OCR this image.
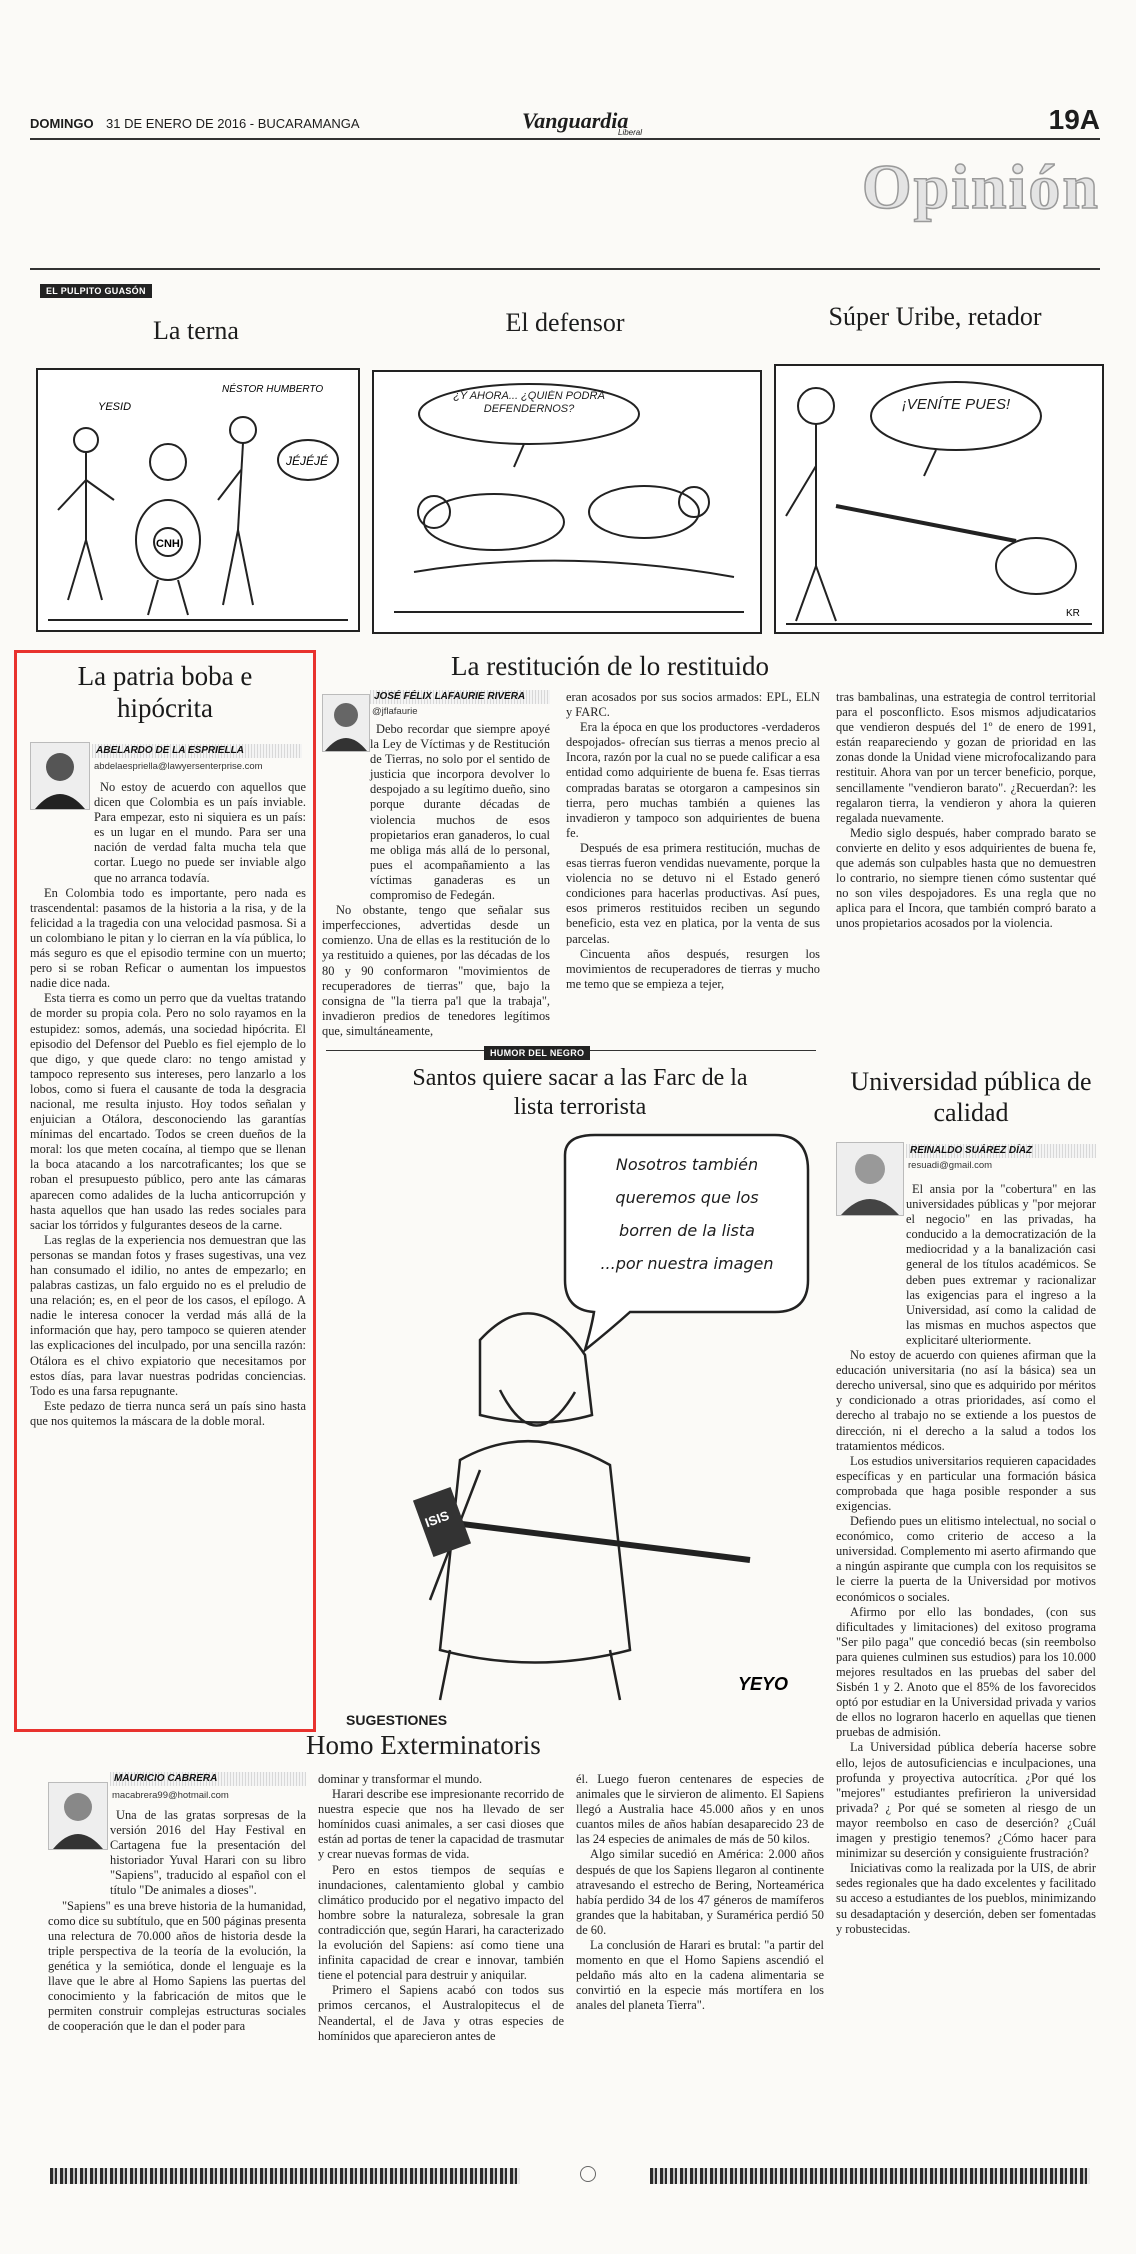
DOMINGO 31 DE ENERO DE 2016 - BUCARAMANGA	Vanguardia
Liberal	19A
Opinión
EL PULPITO GUASÓN
La terna	El defensor	Súper Uribe, retador
CNH
YESID
NÉSTOR HUMBERTO
JÉJÉJÉ
¿Y AHORA... ¿QUIÉN PODRÁ DEFENDERNOS?	¡VENÍTE PUES!
KR
La patria boba e hipócrita
ABELARDO DE LA ESPRIELLA
abdelaespriella@lawyersenterprise.com

No estoy de acuerdo con aquellos que dicen que Colombia es un país inviable. Para empezar, esto ni siquiera es un país: es un lugar en el mundo. Para ser una nación de verdad falta mucha tela que cortar. Luego no puede ser inviable algo que no arranca todavía.

En Colombia todo es importante, pero nada es trascendental: pasamos de la historia a la risa, y de la felicidad a la tragedia con una velocidad pasmosa. Si a un colombiano le pitan y lo cierran en la vía pública, lo más seguro es que el episodio termine con un muerto; pero si se roban Reficar o aumentan los impuestos nadie dice nada.

Esta tierra es como un perro que da vueltas tratando de morder su propia cola. Pero no solo rayamos en la estupidez: somos, además, una sociedad hipócrita. El episodio del Defensor del Pueblo es fiel ejemplo de lo que digo, y que quede claro: no tengo amistad y tampoco represento sus intereses, pero lanzarlo a los lobos, como si fuera el causante de toda la desgracia nacional, me resulta injusto. Hoy todos señalan y enjuician a Otálora, desconociendo las garantías mínimas del encartado. Todos se creen dueños de la moral: los que meten cocaína, al tiempo que se llenan la boca atacando a los narcotraficantes; los que se roban el presupuesto público, pero ante las cámaras aparecen como adalides de la lucha anticorrupción y hasta aquellos que han usado las redes sociales para saciar los tórridos y fulgurantes deseos de la carne.

Las reglas de la experiencia nos demuestran que las personas se mandan fotos y frases sugestivas, una vez han consumado el idilio, no antes de empezarlo; en palabras castizas, un falo erguido no es el preludio de una relación; es, en el peor de los casos, el epílogo. A nadie le interesa conocer la verdad más allá de la información que hay, pero tampoco se quieren atender las explicaciones del inculpado, por una sencilla razón: Otálora es el chivo expiatorio que necesitamos por estos días, para lavar nuestras podridas conciencias. Todo es una farsa repugnante.

Este pedazo de tierra nunca será un país sino hasta que nos quitemos la máscara de la doble moral.

La restitución de lo restituido
JOSÉ FÉLIX LAFAURIE RIVERA
@jflafaurie

Debo recordar que siempre apoyé la Ley de Víctimas y de Restitución de Tierras, no solo por el sentido de justicia que incorpora devolver lo despojado a su legítimo dueño, sino porque durante décadas de violencia muchos de esos propietarios eran ganaderos, lo cual me obliga más allá de lo personal, pues el acompañamiento a las víctimas ganaderas es un compromiso de Fedegán.

No obstante, tengo que señalar sus imperfecciones, advertidas desde un comienzo. Una de ellas es la restitución de lo ya restituido a quienes, por las décadas de los 80 y 90 conformaron "movimientos de recuperadores de tierras" que, bajo la consigna de "la tierra pa'l que la trabaja", invadieron predios de tenedores legítimos que, simultáneamente,

eran acosados por sus socios armados: EPL, ELN y FARC.

Era la época en que los productores -verdaderos despojados- ofrecían sus tierras a menos precio al Incora, razón por la cual no se puede calificar a esa entidad como adquiriente de buena fe. Esas tierras compradas baratas se otorgaron a campesinos sin tierra, pero muchas también a quienes las invadieron y tampoco son adquirientes de buena fe.

Después de esa primera restitución, muchas de esas tierras fueron vendidas nuevamente, porque la violencia no se detuvo ni el Estado generó condiciones para hacerlas productivas. Así pues, esos primeros restituidos reciben un segundo beneficio, esta vez en platica, por la venta de sus parcelas.

Cincuenta años después, resurgen los movimientos de recuperadores de tierras y mucho me temo que se empieza a tejer,

tras bambalinas, una estrategia de control territorial para el posconflicto. Esos mismos adjudicatarios que vendieron después del 1º de enero de 1991, están reapareciendo y gozan de prioridad en las zonas donde la Unidad viene microfocalizando para restituir. Ahora van por un tercer beneficio, porque, sencillamente "vendieron barato". ¿Recuerdan?: les regalaron tierra, la vendieron y ahora la quieren regalada nuevamente.

Medio siglo después, haber comprado barato se convierte en delito y esos adquirientes de buena fe, que además son culpables hasta que no demuestren lo contrario, no siempre tienen cómo sustentar qué no son viles despojadores. Es una regla que no aplica para el Incora, que también compró barato a unos propietarios acosados por la violencia.

HUMOR DEL NEGRO
Santos quiere sacar a las Farc de la lista terrorista
ISIS
YEYO
Nosotros también
queremos que los
borren de la lista
...por nuestra imagen
Universidad pública de calidad
REINALDO SUÁREZ DÍAZ
resuadi@gmail.com

El ansia por la "cobertura" en las universidades públicas y "por mejorar el negocio" en las privadas, ha conducido a la democratización de la mediocridad y a la banalización casi general de los títulos académicos. Se deben pues extremar y racionalizar las exigencias para el ingreso a la Universidad, así como la calidad de las mismas en muchos aspectos que explicitaré ulteriormente.

No estoy de acuerdo con quienes afirman que la educación universitaria (no así la básica) sea un derecho universal, sino que es adquirido por méritos y condicionado a otras prioridades, así como el derecho al trabajo no se extiende a los puestos de dirección, ni el derecho a la salud a todos los tratamientos médicos.

Los estudios universitarios requieren capacidades específicas y en particular una formación básica comprobada que haga posible responder a sus exigencias.

Defiendo pues un elitismo intelectual, no social o económico, como criterio de acceso a la universidad. Complemento mi aserto afirmando que a ningún aspirante que cumpla con los requisitos se le cierre la puerta de la Universidad por motivos económicos o sociales.

Afirmo por ello las bondades, (con sus dificultades y limitaciones) del exitoso programa "Ser pilo paga" que concedió becas (sin reembolso para quienes culminen sus estudios) para los 10.000 mejores resultados en las pruebas del saber del Sisbén 1 y 2. Anoto que el 85% de los favorecidos optó por estudiar en la Universidad privada y varios de ellos no lograron hacerlo en aquellas que tienen pruebas de admisión.

La Universidad pública debería hacerse sobre ello, lejos de autosuficiencias e inculpaciones, una profunda y proyectiva autocrítica. ¿Por qué los "mejores" estudiantes prefirieron la universidad privada? ¿ Por qué se someten al riesgo de un mayor reembolso en caso de deserción? ¿Cuál imagen y prestigio tenemos? ¿Cómo hacer para minimizar su deserción y consiguiente frustración?

Iniciativas como la realizada por la UIS, de abrir sedes regionales que ha dado excelentes y facilitado su acceso a estudiantes de los pueblos, minimizando su desadaptación y deserción, deben ser fomentadas y robustecidas.

SUGESTIONES
Homo Exterminatoris
MAURICIO CABRERA
macabrera99@hotmail.com

Una de las gratas sorpresas de la versión 2016 del Hay Festival en Cartagena fue la presentación del historiador Yuval Harari con su libro "Sapiens", traducido al español con el título "De animales a dioses".

"Sapiens" es una breve historia de la humanidad, como dice su subtítulo, que en 500 páginas presenta una relectura de 70.000 años de historia desde la triple perspectiva de la teoría de la evolución, la genética y la semiótica, donde el lenguaje es la llave que le abre al Homo Sapiens las puertas del conocimiento y la fabricación de mitos que le permiten construir complejas estructuras sociales de cooperación que le dan el poder para

dominar y transformar el mundo.

Harari describe ese impresionante recorrido de nuestra especie que nos ha llevado de ser homínidos cuasi animales, a ser casi dioses que están ad portas de tener la capacidad de trasmutar y crear nuevas formas de vida.

Pero en estos tiempos de sequías e inundaciones, calentamiento global y cambio climático producido por el negativo impacto del hombre sobre la naturaleza, sobresale la gran contradicción que, según Harari, ha caracterizado la evolución del Sapiens: así como tiene una infinita capacidad de crear e innovar, también tiene el potencial para destruir y aniquilar.

Primero el Sapiens acabó con todos sus primos cercanos, el Australopitecus el de Neandertal, el de Java y otras especies de homínidos que aparecieron antes de

él. Luego fueron centenares de especies de animales que le sirvieron de alimento. El Sapiens llegó a Australia hace 45.000 años y en unos cuantos miles de años habían desaparecido 23 de las 24 especies de animales de más de 50 kilos.

Algo similar sucedió en América: 2.000 años después de que los Sapiens llegaron al continente atravesando el estrecho de Bering, Norteamérica había perdido 34 de los 47 géneros de mamíferos grandes que la habitaban, y Suramérica perdió 50 de 60.

La conclusión de Harari es brutal: "a partir del momento en que el Homo Sapiens ascendió el peldaño más alto en la cadena alimentaria se convirtió en la especie más mortífera en los anales del planeta Tierra".
